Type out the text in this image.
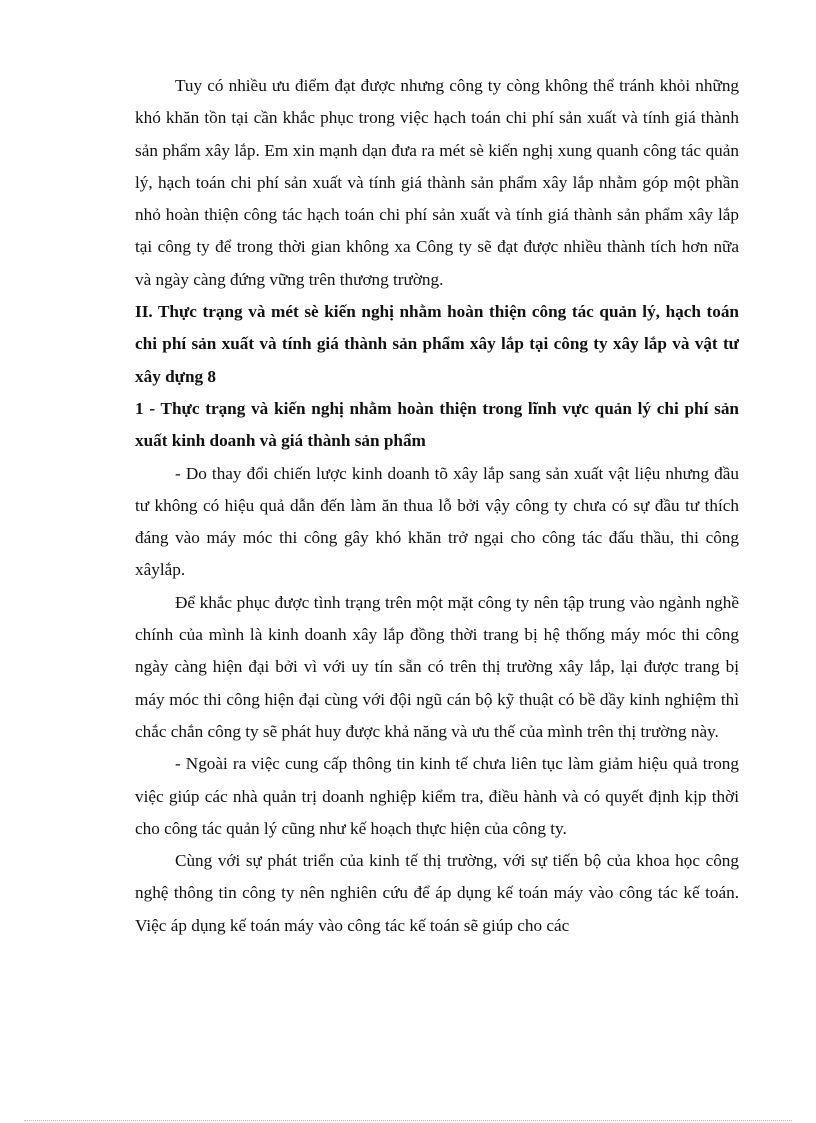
Tuy có nhiều ưu điểm đạt được nhưng công ty còng không thể tránh khỏi những khó khăn tồn tại cần khắc phục trong việc hạch toán chi phí sản xuất và tính giá thành sản phẩm xây lắp. Em xin mạnh dạn đưa ra mét sè kiến nghị xung quanh công tác quản lý, hạch toán chi phí sản xuất và tính giá thành sản phẩm xây lắp nhằm góp một phần nhỏ hoàn thiện công tác hạch toán chi phí sản xuất và tính giá thành sản phẩm xây lắp tại công ty để trong thời gian không xa Công ty sẽ đạt được nhiều thành tích hơn nữa và ngày càng đứng vững trên thương trường.

II. Thực trạng và mét sè kiến nghị nhằm hoàn thiện công tác quản lý, hạch toán chi phí sản xuất và tính giá thành sản phẩm xây lắp tại công ty xây lắp và vật tư xây dựng 8

1 - Thực trạng và kiến nghị nhằm hoàn thiện trong lĩnh vực quản lý chi phí sản xuất kinh doanh và giá thành sản phẩm

- Do thay đổi chiến lược kinh doanh tõ xây lắp sang sản xuất vật liệu nhưng đầu tư không có hiệu quả dẫn đến làm ăn thua lỗ bởi vậy công ty chưa có sự đầu tư thích đáng vào máy móc thi công gây khó khăn trở ngại cho công tác đấu thầu, thi công xâylắp.

Để khắc phục được tình trạng trên một mặt công ty nên tập trung vào ngành nghề chính của mình là kinh doanh xây lắp đồng thời trang bị hệ thống máy móc thi công ngày càng hiện đại bởi vì với uy tín sẵn có trên thị trường xây lắp, lại được trang bị máy móc thi công hiện đại cùng với đội ngũ cán bộ kỹ thuật có bề dầy kinh nghiệm thì chắc chắn công ty sẽ phát huy được khả năng và ưu thế của mình trên thị trường này.

- Ngoài ra việc cung cấp thông tin kinh tế chưa liên tục làm giảm hiệu quả trong việc giúp các nhà quản trị doanh nghiệp kiểm tra, điều hành và có quyết định kịp thời cho công tác quản lý cũng như kế hoạch thực hiện của công ty.

Cùng với sự phát triển của kinh tế thị trường, với sự tiến bộ của khoa học công nghệ thông tin công ty nên nghiên cứu để áp dụng kế toán máy vào công tác kế toán. Việc áp dụng kế toán máy vào công tác kế toán sẽ giúp cho các
